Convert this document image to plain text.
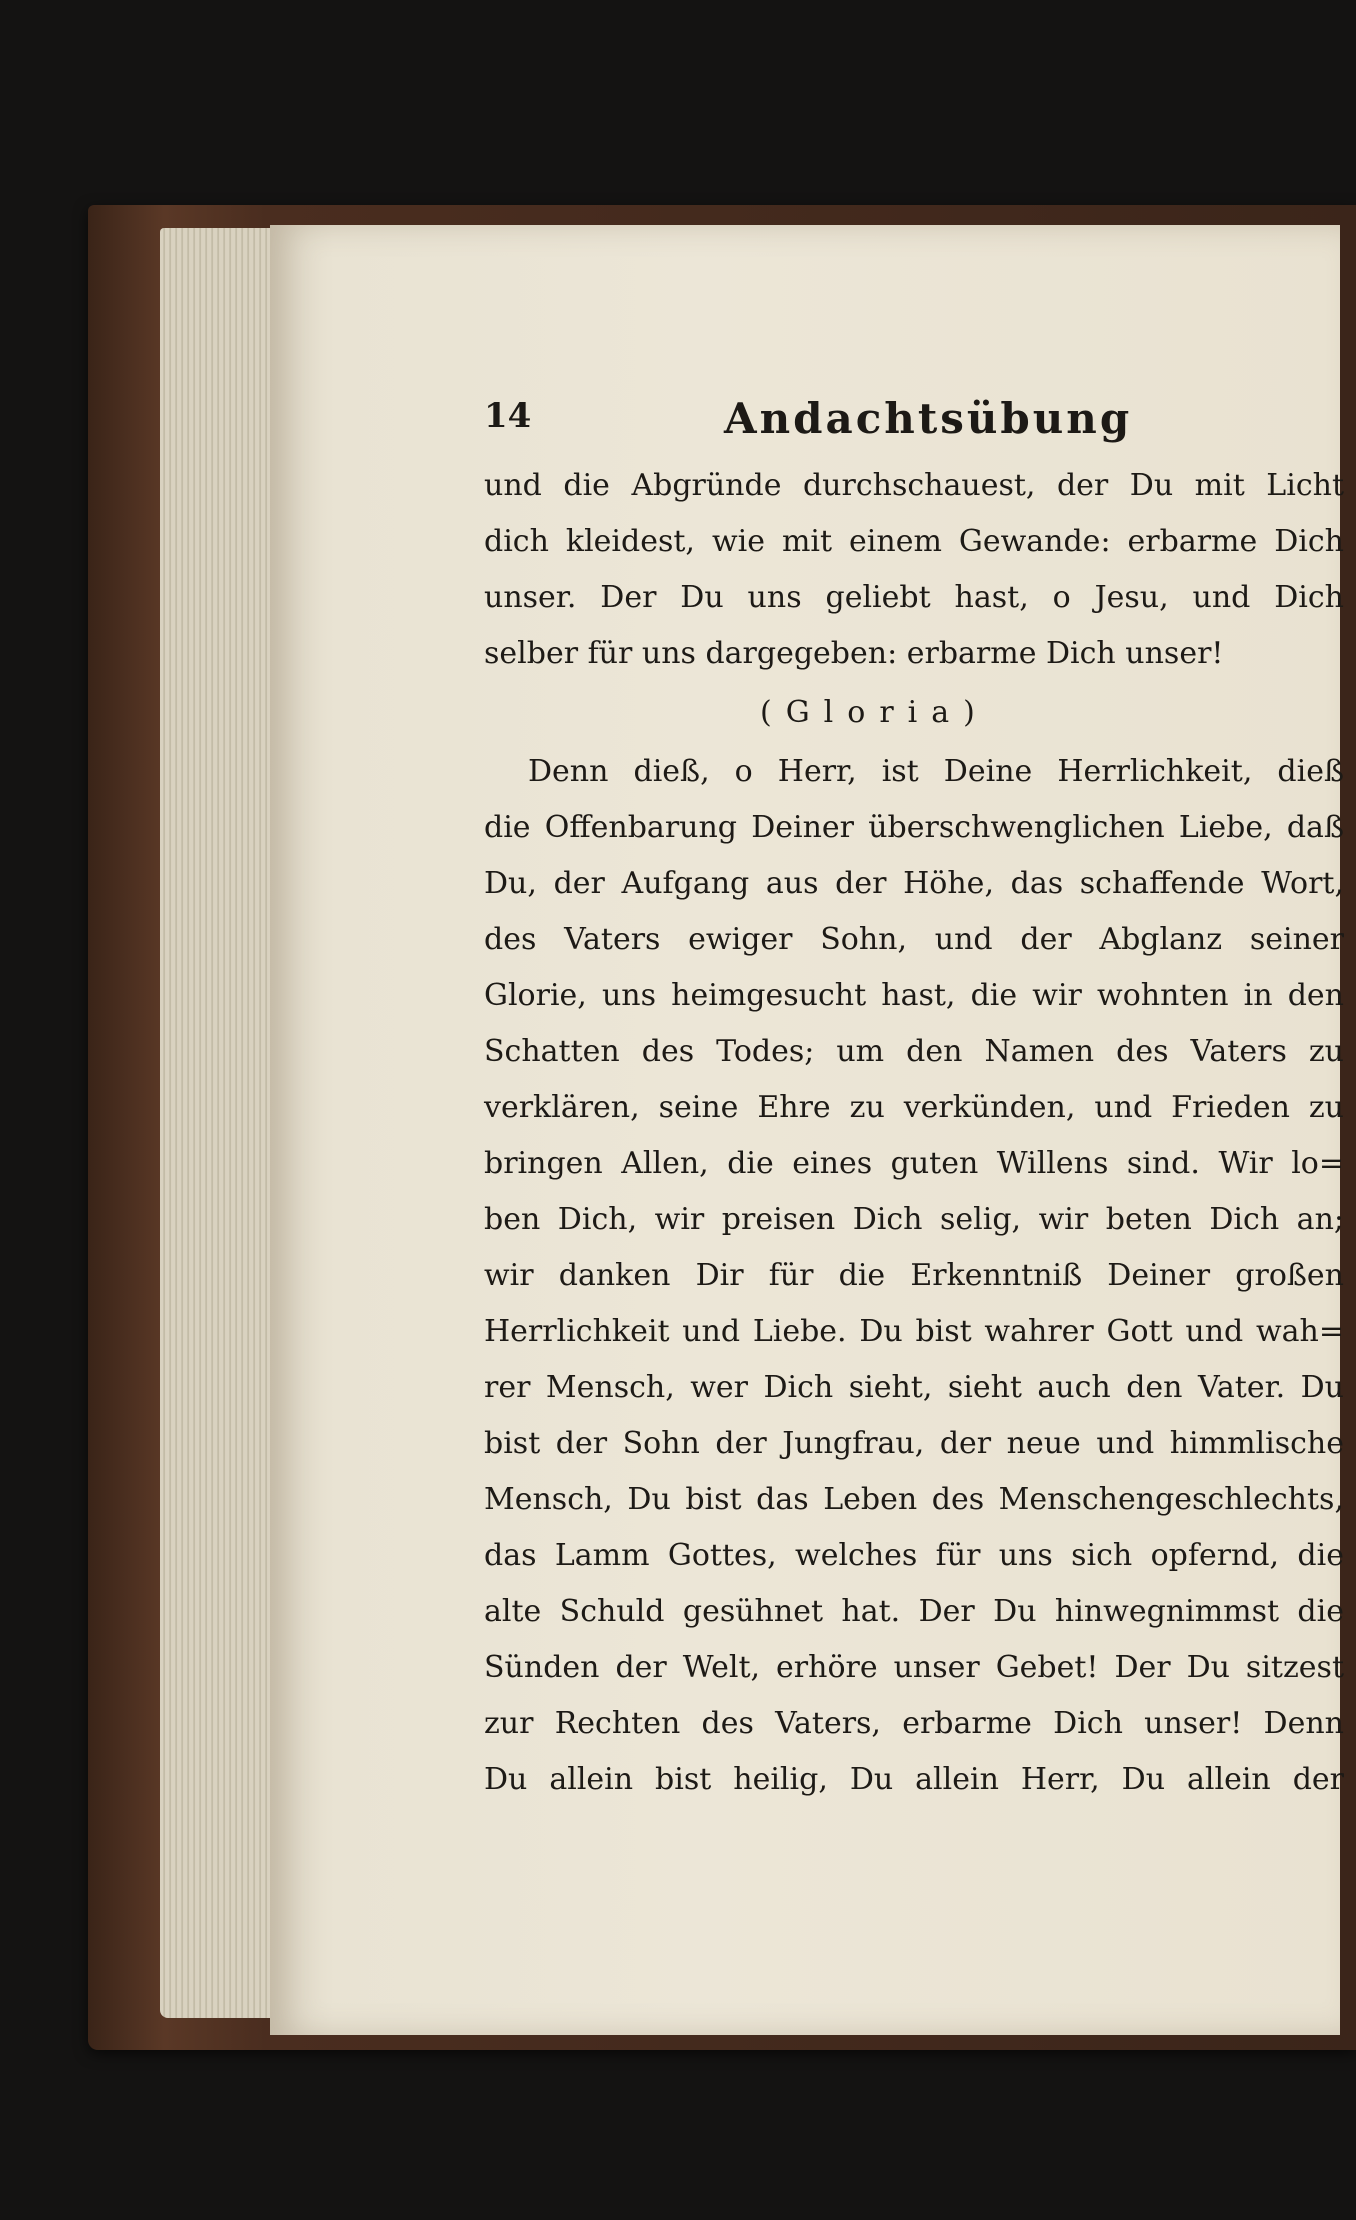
14	Andachtsübung
und die Abgründe durchschauest, der Du mit Licht
dich kleidest, wie mit einem Gewande: erbarme Dich
unser. Der Du uns geliebt hast, o Jesu, und Dich
selber für uns dargegeben: erbarme Dich unser!
(Gloria)
Denn dieß, o Herr, ist Deine Herrlichkeit, dieß
die Offenbarung Deiner überschwenglichen Liebe, daß
Du, der Aufgang aus der Höhe, das schaffende Wort,
des Vaters ewiger Sohn, und der Abglanz seiner
Glorie, uns heimgesucht hast, die wir wohnten in den
Schatten des Todes; um den Namen des Vaters zu
verklären, seine Ehre zu verkünden, und Frieden zu
bringen Allen, die eines guten Willens sind. Wir lo=
ben Dich, wir preisen Dich selig, wir beten Dich an;
wir danken Dir für die Erkenntniß Deiner großen
Herrlichkeit und Liebe. Du bist wahrer Gott und wah=
rer Mensch, wer Dich sieht, sieht auch den Vater. Du
bist der Sohn der Jungfrau, der neue und himmlische
Mensch, Du bist das Leben des Menschengeschlechts,
das Lamm Gottes, welches für uns sich opfernd, die
alte Schuld gesühnet hat. Der Du hinwegnimmst die
Sünden der Welt, erhöre unser Gebet! Der Du sitzest
zur Rechten des Vaters, erbarme Dich unser! Denn
Du allein bist heilig, Du allein Herr, Du allein der
